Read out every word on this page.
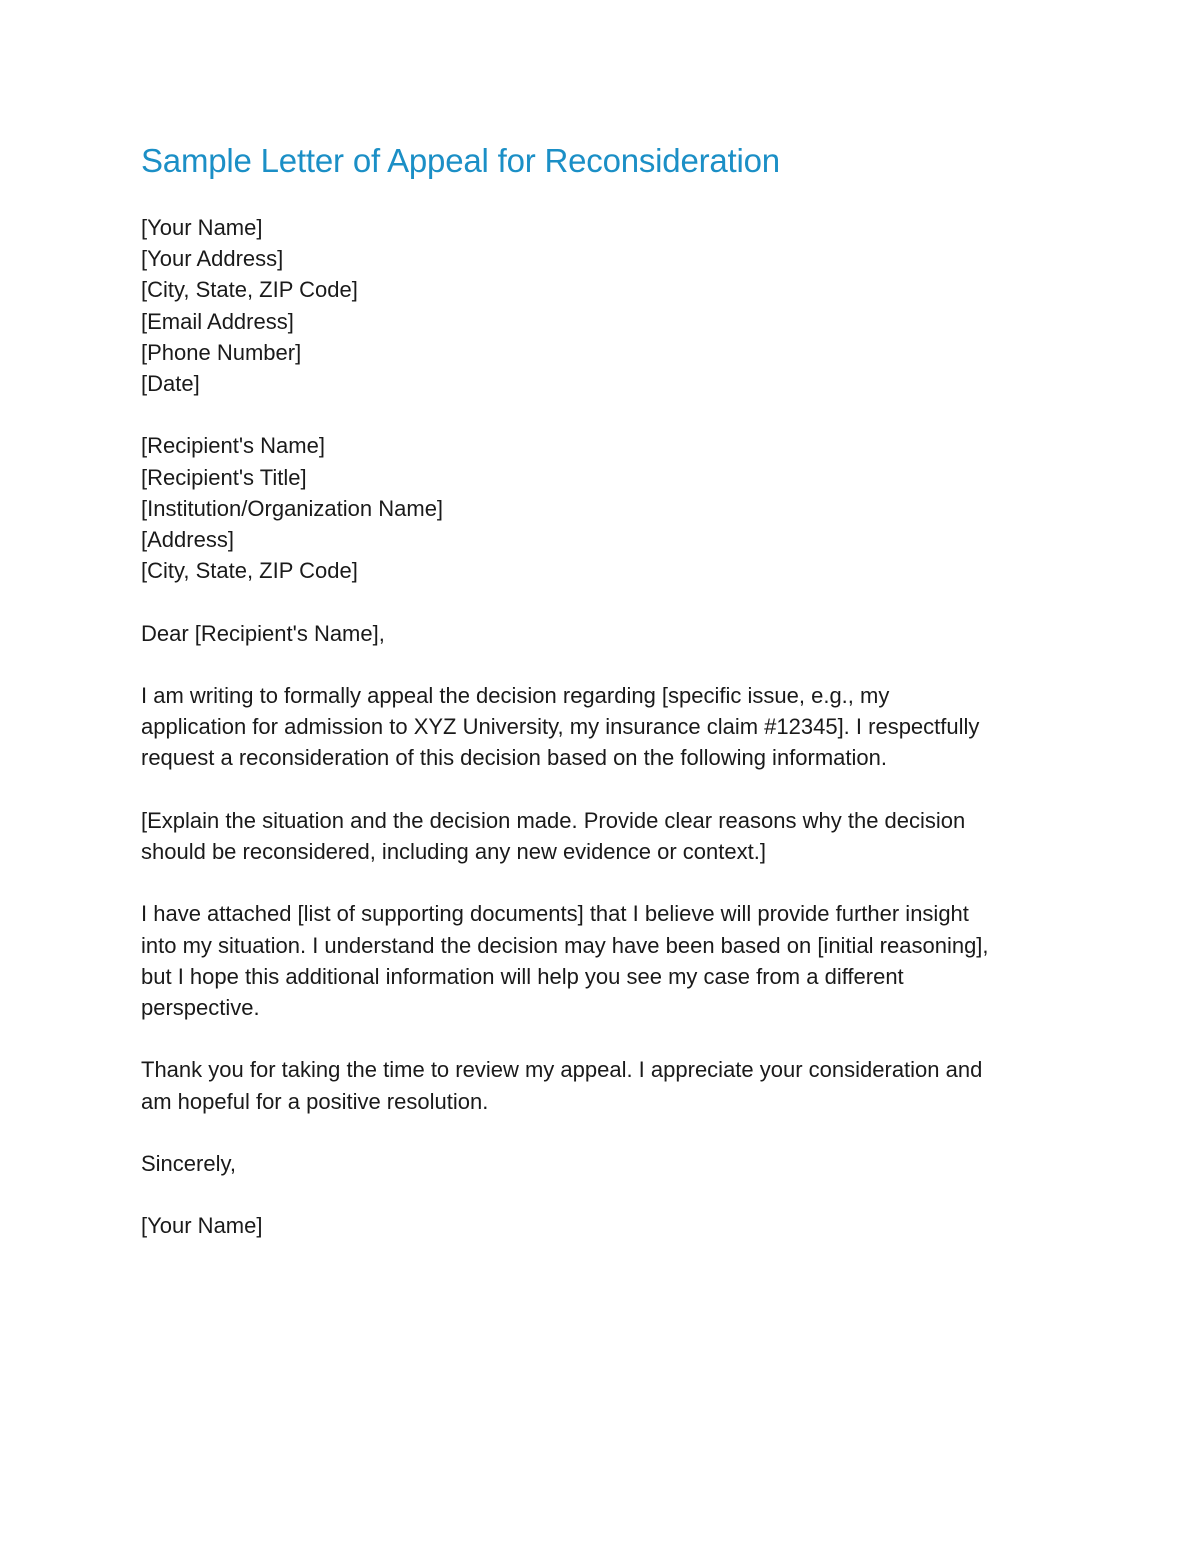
Sample Letter of Appeal for Reconsideration
[Your Name]
[Your Address]
[City, State, ZIP Code]
[Email Address]
[Phone Number]
[Date]
[Recipient's Name]
[Recipient's Title]
[Institution/Organization Name]
[Address]
[City, State, ZIP Code]

Dear [Recipient's Name],

I am writing to formally appeal the decision regarding [specific issue, e.g., my
application for admission to XYZ University, my insurance claim #12345]. I respectfully
request a reconsideration of this decision based on the following information.

[Explain the situation and the decision made. Provide clear reasons why the decision
should be reconsidered, including any new evidence or context.]

I have attached [list of supporting documents] that I believe will provide further insight
into my situation. I understand the decision may have been based on [initial reasoning],
but I hope this additional information will help you see my case from a different
perspective.

Thank you for taking the time to review my appeal. I appreciate your consideration and
am hopeful for a positive resolution.

Sincerely,

[Your Name]
